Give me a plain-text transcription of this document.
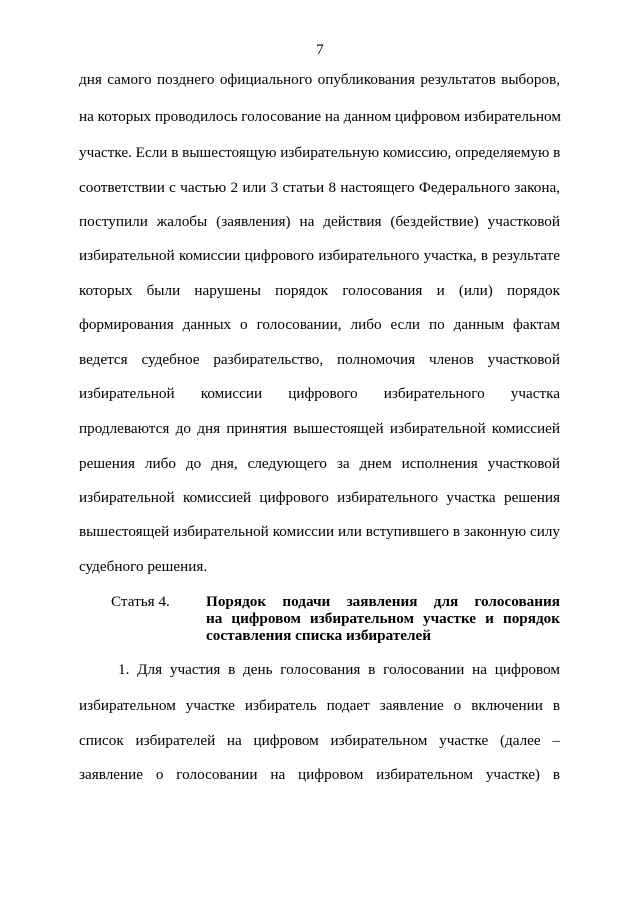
7
дня самого позднего официального опубликования результатов выборов,
на которых проводилось голосование на данном цифровом избирательном
участке. Если в вышестоящую избирательную комиссию, определяемую в
соответствии с частью 2 или 3 статьи 8 настоящего Федерального закона,
поступили жалобы (заявления) на действия (бездействие) участковой
избирательной комиссии цифрового избирательного участка, в результате
которых были нарушены порядок голосования и (или) порядок
формирования данных о голосовании, либо если по данным фактам
ведется судебное разбирательство, полномочия членов участковой
избирательной комиссии цифрового избирательного участка
продлеваются до дня принятия вышестоящей избирательной комиссией
решения либо до дня, следующего за днем исполнения участковой
избирательной комиссией цифрового избирательного участка решения
вышестоящей избирательной комиссии или вступившего в законную силу
судебного решения.
Статья 4. Порядок подачи заявления для голосования
на цифровом избирательном участке и порядок
составления списка избирателей
1. Для участия в день голосования в голосовании на цифровом
избирательном участке избиратель подает заявление о включении в
список избирателей на цифровом избирательном участке (далее –
заявление о голосовании на цифровом избирательном участке) в
